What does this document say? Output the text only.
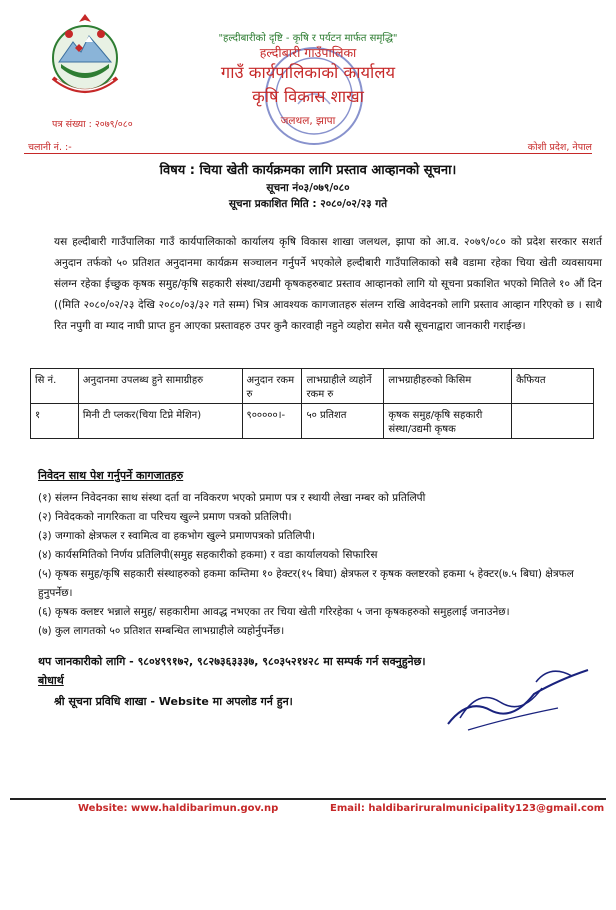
"हल्दीबारीको दृष्टि - कृषि र पर्यटन मार्फत समृद्धि"
हल्दीबारी गाउँपालिका
गाउँ कार्यपालिकाको कार्यालय
कृषि विकास शाखा
जलथल, झापा
पत्र संख्या : २०७९/०८०
चलानी नं. :-	कोशी प्रदेश, नेपाल
विषय : चिया खेती कार्यक्रमका लागि प्रस्ताव आव्हानको सूचना।
सूचना नं०३/०७९/०८०
सूचना प्रकाशित मिति : २०८०/०२/२३ गते
यस हल्दीबारी गाउँपालिका गाउँ कार्यपालिकाको कार्यालय कृषि विकास शाखा जलथल, झापा को आ.व. २०७९/०८० को प्रदेश सरकार सशर्त अनुदान तर्फको ५० प्रतिशत अनुदानमा कार्यक्रम सञ्चालन गर्नुपर्ने भएकोले हल्दीबारी गाउँपालिकाको सबै वडामा रहेका चिया खेती व्यवसायमा संलग्न रहेका ईच्छुक कृषक समुह/कृषि सहकारी संस्था/उद्यमी कृषकहरुबाट प्रस्ताव आव्हानको लागि यो सूचना प्रकाशित भएको मितिले १० औं दिन ((मिति २०८०/०२/२३ देखि २०८०/०३/३२ गते सम्म) भित्र आवश्यक कागजातहरु संलग्न राखि आवेदनको लागि प्रस्ताव आव्हान गरिएको छ । साथै रित नपुगी वा म्याद नाघी प्राप्त हुन आएका प्रस्तावहरु उपर कुनै कारवाही नहुने व्यहोरा समेत यसै सूचनाद्वारा जानकारी गराईन्छ।
सि नं.	अनुदानमा उपलब्ध हुने सामाग्रीहरु	अनुदान रकम रु	लाभग्राहीले व्यहोर्ने रकम रु	लाभग्राहीहरुको किसिम	कैफियत
१	मिनी टी प्लकर(चिया टिप्ने मेशिन)	९०००००।-	५० प्रतिशत	कृषक समुह/कृषि सहकारी संस्था/उद्यमी कृषक	
निवेदन साथ पेश गर्नुपर्ने कागजातहरु
(१) संलग्न निवेदनका साथ संस्था दर्ता वा नविकरण भएको प्रमाण पत्र र स्थायी लेखा नम्बर को प्रतिलिपी
(२) निवेदकको नागरिकता वा परिचय खुल्ने प्रमाण पत्रको प्रतिलिपी।
(३) जग्गाको क्षेत्रफल र स्वामित्व वा हकभोग खुल्ने प्रमाणपत्रको प्रतिलिपी।
(४) कार्यसमितिको निर्णय प्रतिलिपी(समुह सहकारीको हकमा) र वडा कार्यालयको सिफारिस
(५) कृषक समुह/कृषि सहकारी संस्थाहरुको हकमा कम्तिमा १० हेक्टर(१५ बिघा) क्षेत्रफल र कृषक क्लष्टरको हकमा ५ हेक्टर(७.५ बिघा) क्षेत्रफल हुनुपर्नेछ।
(६) कृषक क्लष्टर भन्नाले समुह/ सहकारीमा आवद्ध नभएका तर चिया खेती गरिरहेका ५ जना कृषकहरुको समुहलाई जनाउनेछ।
(७) कुल लागतको ५० प्रतिशत सम्बन्धित लाभग्राहीले व्यहोर्नुपर्नेछ।
थप जानकारीको लागि - ९८०४९९१७२, ९८२७३६३३३७, ९८०३५२१४२८ मा सम्पर्क गर्न सक्नुहुनेछ।
बोधार्थ
श्री सूचना प्रविधि शाखा - Website मा अपलोड गर्न हुन।
Website: www.haldibarimun.gov.np	Email: haldibariruralmunicipality123@gmail.com
